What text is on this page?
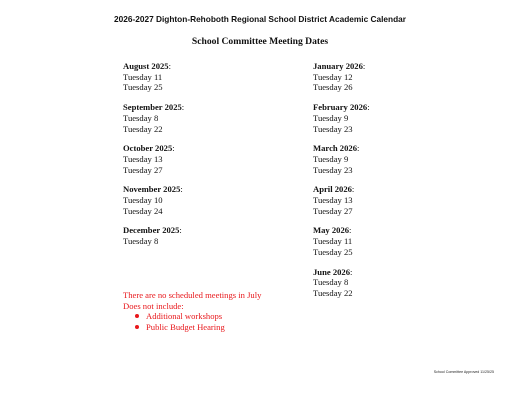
2026-2027 Dighton-Rehoboth Regional School District Academic Calendar
School Committee Meeting Dates
August 2025:
Tuesday 11
Tuesday 25
September 2025:
Tuesday 8
Tuesday 22
October 2025:
Tuesday 13
Tuesday 27
November 2025:
Tuesday 10
Tuesday 24
December 2025:
Tuesday 8
January 2026:
Tuesday 12
Tuesday 26
February 2026:
Tuesday 9
Tuesday 23
March 2026:
Tuesday 9
Tuesday 23
April 2026:
Tuesday 13
Tuesday 27
May 2026:
Tuesday 11
Tuesday 25
June 2026:
Tuesday 8
Tuesday 22
There are no scheduled meetings in July
Does not include:
Additional workshops
Public Budget Hearing
School Committee Approved 11/25/25
